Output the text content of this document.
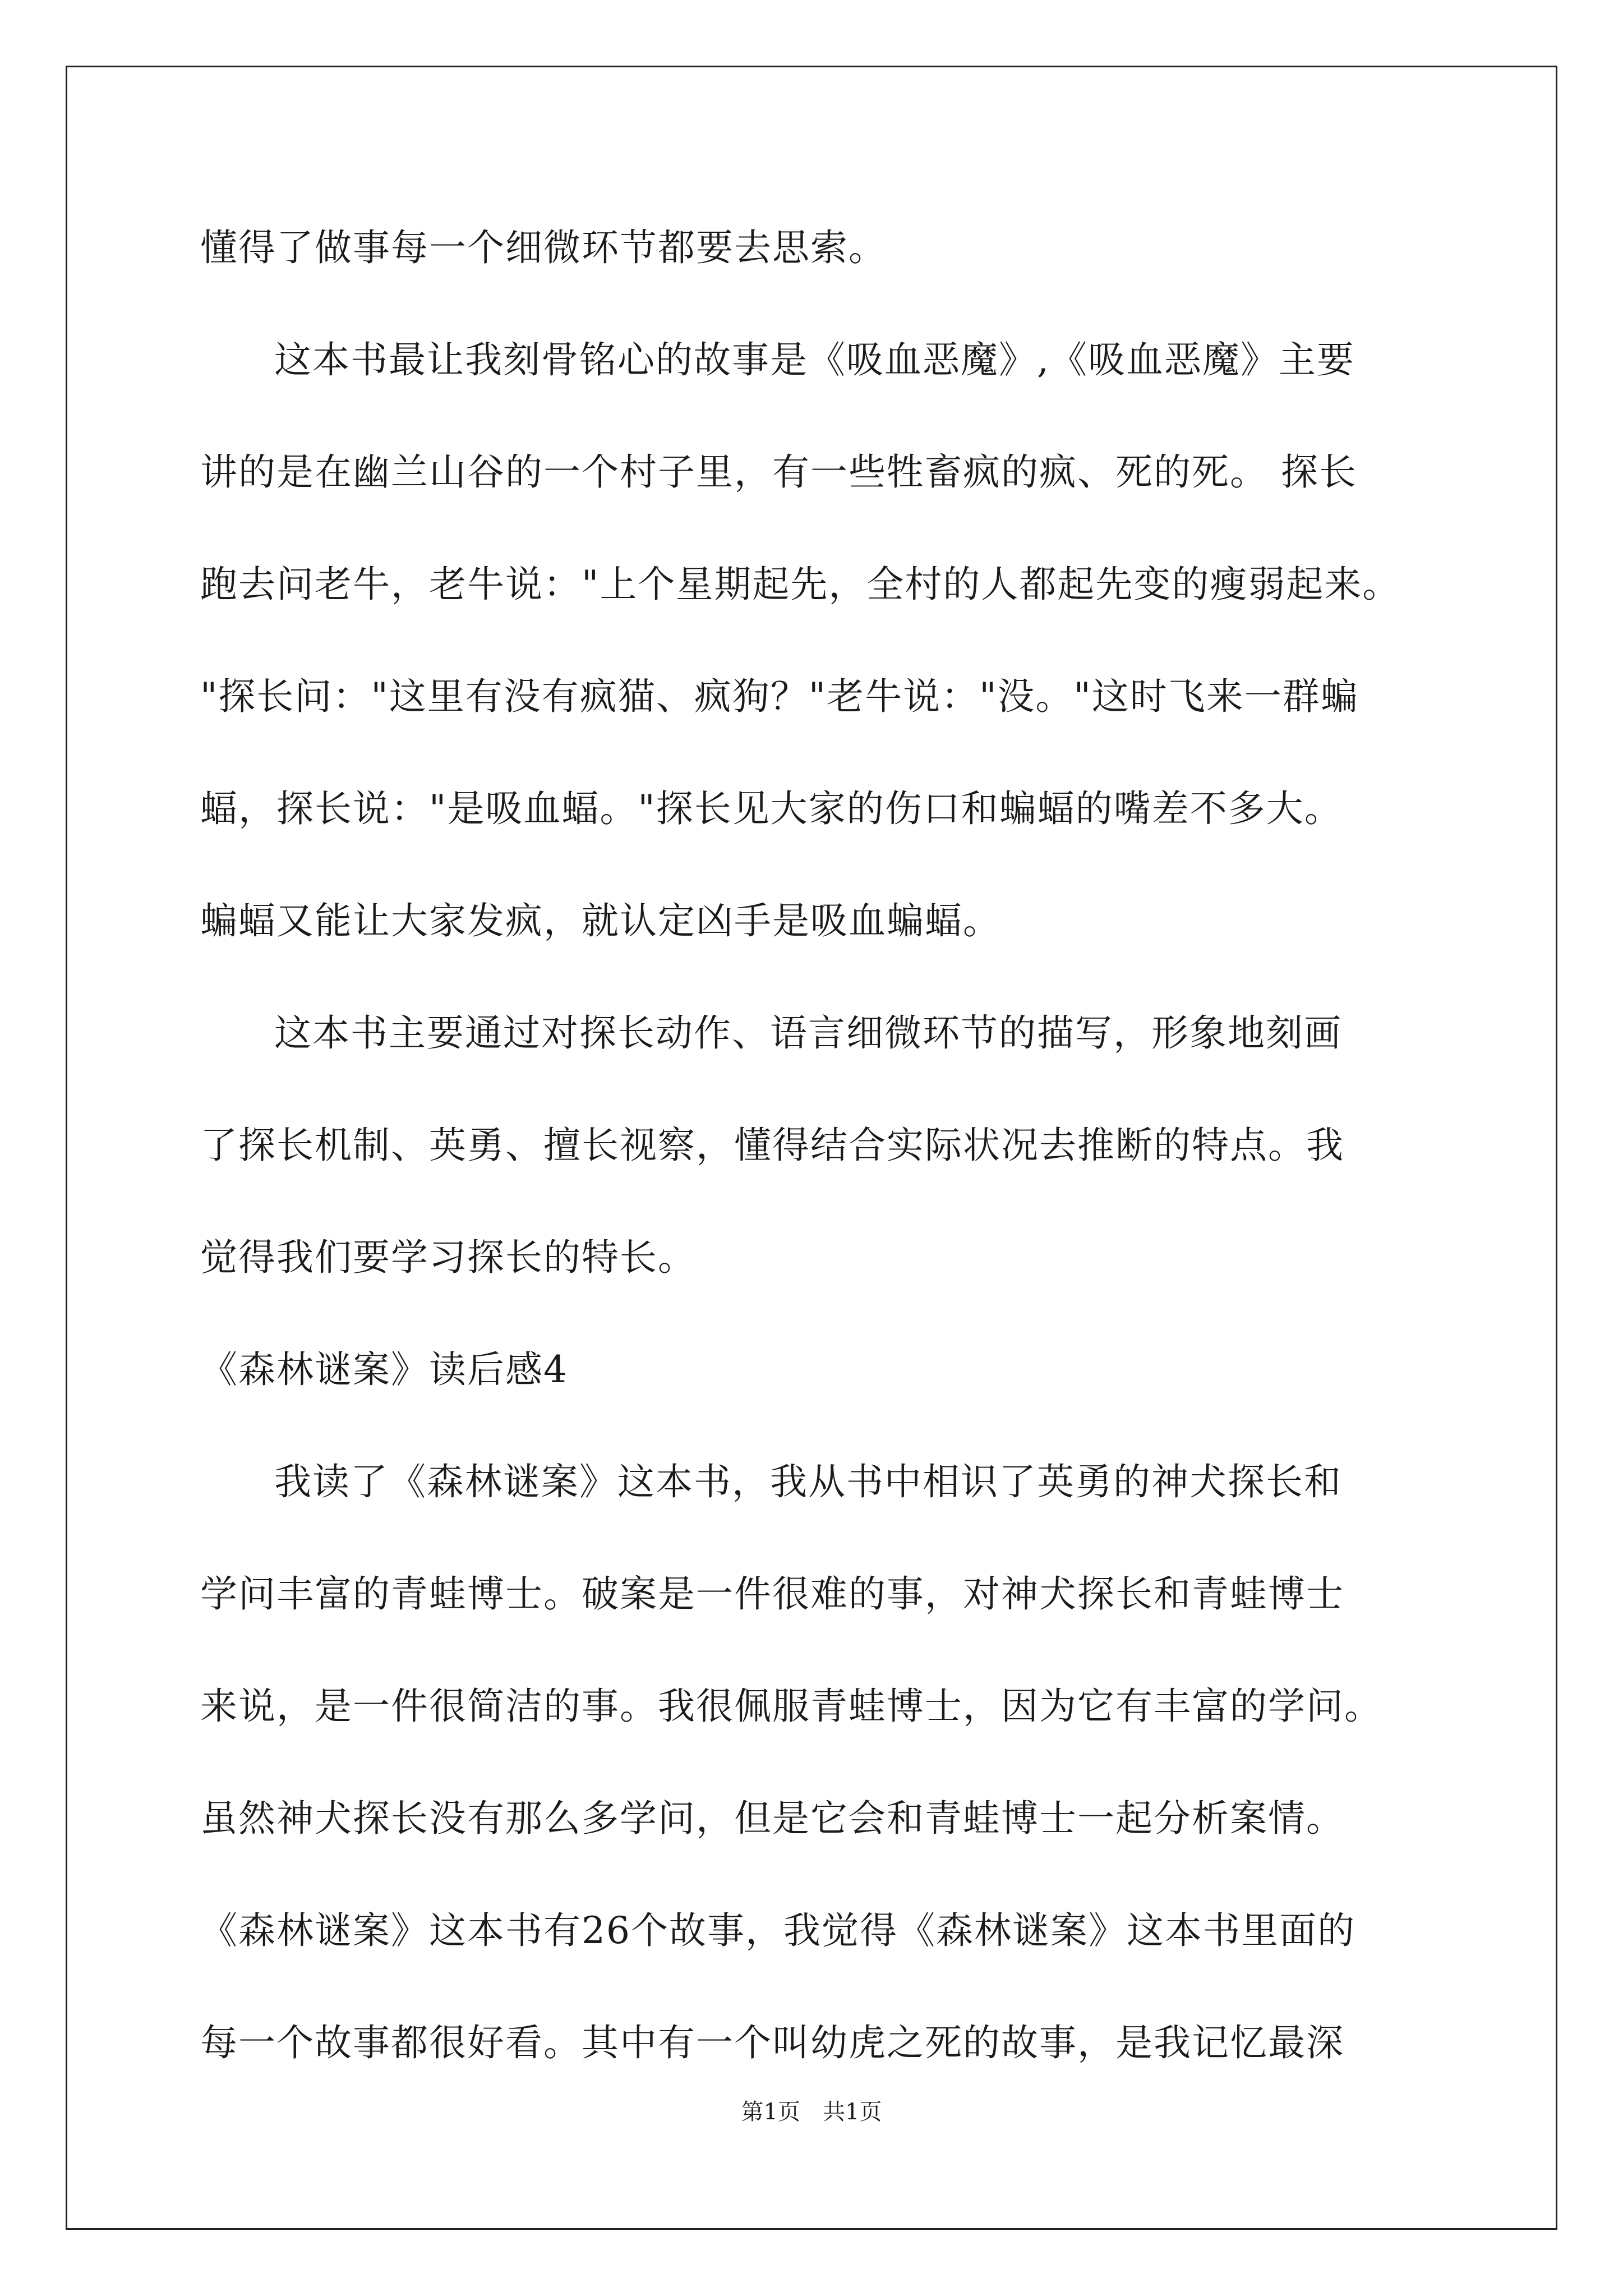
懂得了做事每一个细微环节都要去思索。
这本书最让我刻骨铭心的故事是《吸血恶魔》,《吸血恶魔》主要
讲的是在幽兰山谷的一个村子里，有一些牲畜疯的疯、死的死。 探长
跑去问老牛，老牛说："上个星期起先，全村的人都起先变的瘦弱起来。
"探长问："这里有没有疯猫、疯狗？"老牛说："没。"这时飞来一群蝙
蝠，探长说："是吸血蝠。"探长见大家的伤口和蝙蝠的嘴差不多大。
蝙蝠又能让大家发疯，就认定凶手是吸血蝙蝠。
这本书主要通过对探长动作、语言细微环节的描写，形象地刻画
了探长机制、英勇、擅长视察，懂得结合实际状况去推断的特点。我
觉得我们要学习探长的特长。
《森林谜案》读后感4
我读了《森林谜案》这本书，我从书中相识了英勇的神犬探长和
学问丰富的青蛙博士。破案是一件很难的事，对神犬探长和青蛙博士
来说，是一件很简洁的事。我很佩服青蛙博士，因为它有丰富的学问。
虽然神犬探长没有那么多学问，但是它会和青蛙博士一起分析案情。
《森林谜案》这本书有26个故事，我觉得《森林谜案》这本书里面的
每一个故事都很好看。其中有一个叫幼虎之死的故事，是我记忆最深
第1页　共1页
